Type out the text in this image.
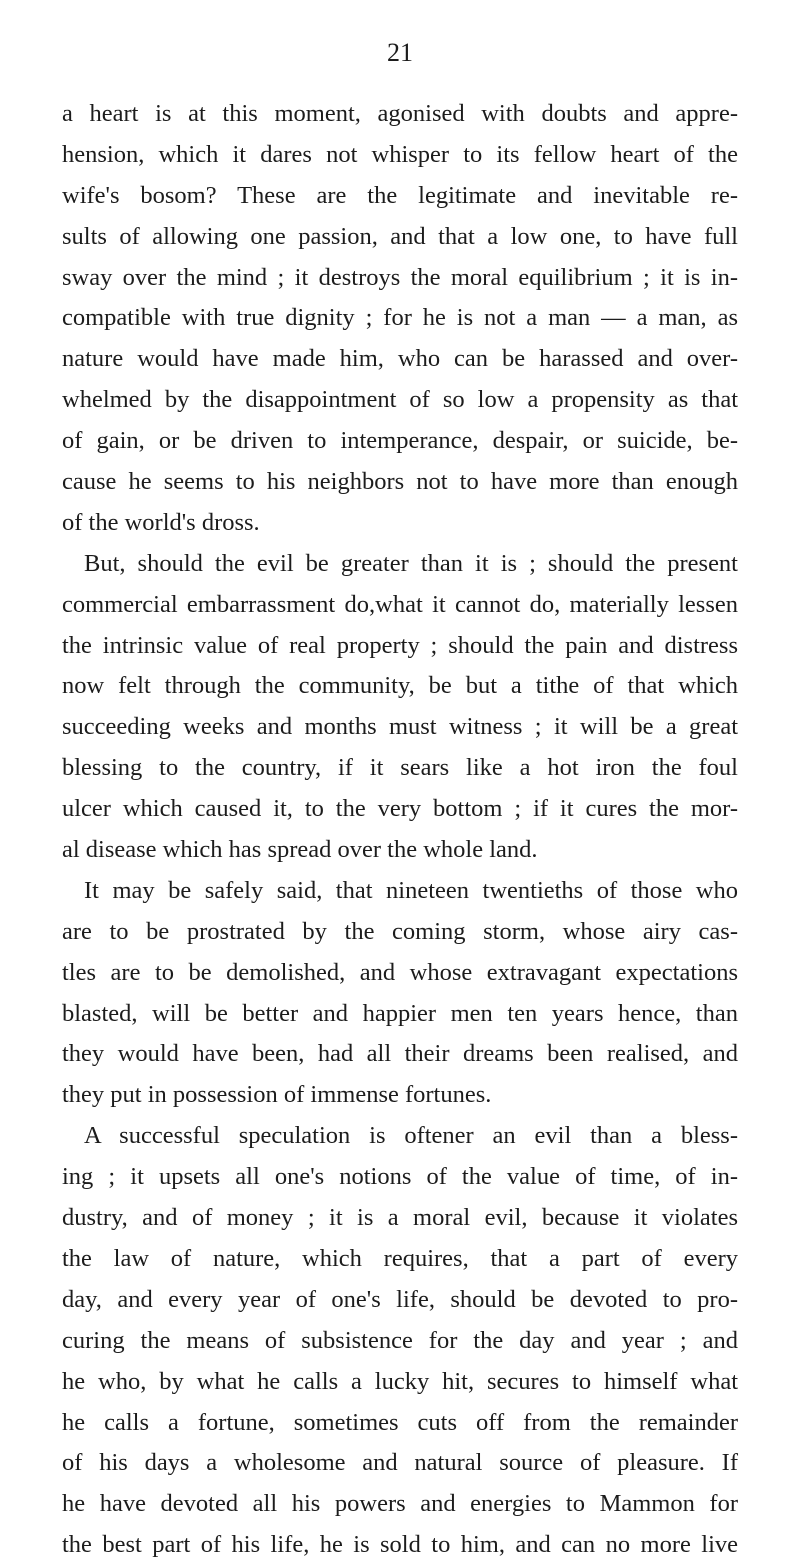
21
a heart is at this moment, agonised with doubts and appre-
hension, which it dares not whisper to its fellow heart of the
wife's bosom? These are the legitimate and inevitable re-
sults of allowing one passion, and that a low one, to have full
sway over the mind ; it destroys the moral equilibrium ; it is in-
compatible with true dignity ; for he is not a man — a man, as
nature would have made him, who can be harassed and over-
whelmed by the disappointment of so low a propensity as that
of gain, or be driven to intemperance, despair, or suicide, be-
cause he seems to his neighbors not to have more than enough
of the world's dross.
But, should the evil be greater than it is ; should the present
commercial embarrassment do,what it cannot do, materially lessen
the intrinsic value of real property ; should the pain and distress
now felt through the community, be but a tithe of that which
succeeding weeks and months must witness ; it will be a great
blessing to the country, if it sears like a hot iron the foul
ulcer which caused it, to the very bottom ; if it cures the mor-
al disease which has spread over the whole land.
It may be safely said, that nineteen twentieths of those who
are to be prostrated by the coming storm, whose airy cas-
tles are to be demolished, and whose extravagant expectations
blasted, will be better and happier men ten years hence, than
they would have been, had all their dreams been realised, and
they put in possession of immense fortunes.
A successful speculation is oftener an evil than a bless-
ing ; it upsets all one's notions of the value of time, of in-
dustry, and of money ; it is a moral evil, because it violates
the law of nature, which requires, that a part of every
day, and every year of one's life, should be devoted to pro-
curing the means of subsistence for the day and year ; and
he who, by what he calls a lucky hit, secures to himself what
he calls a fortune, sometimes cuts off from the remainder
of his days a wholesome and natural source of pleasure. If
he have devoted all his powers and energies to Mammon for
the best part of his life, he is sold to him, and can no more live
